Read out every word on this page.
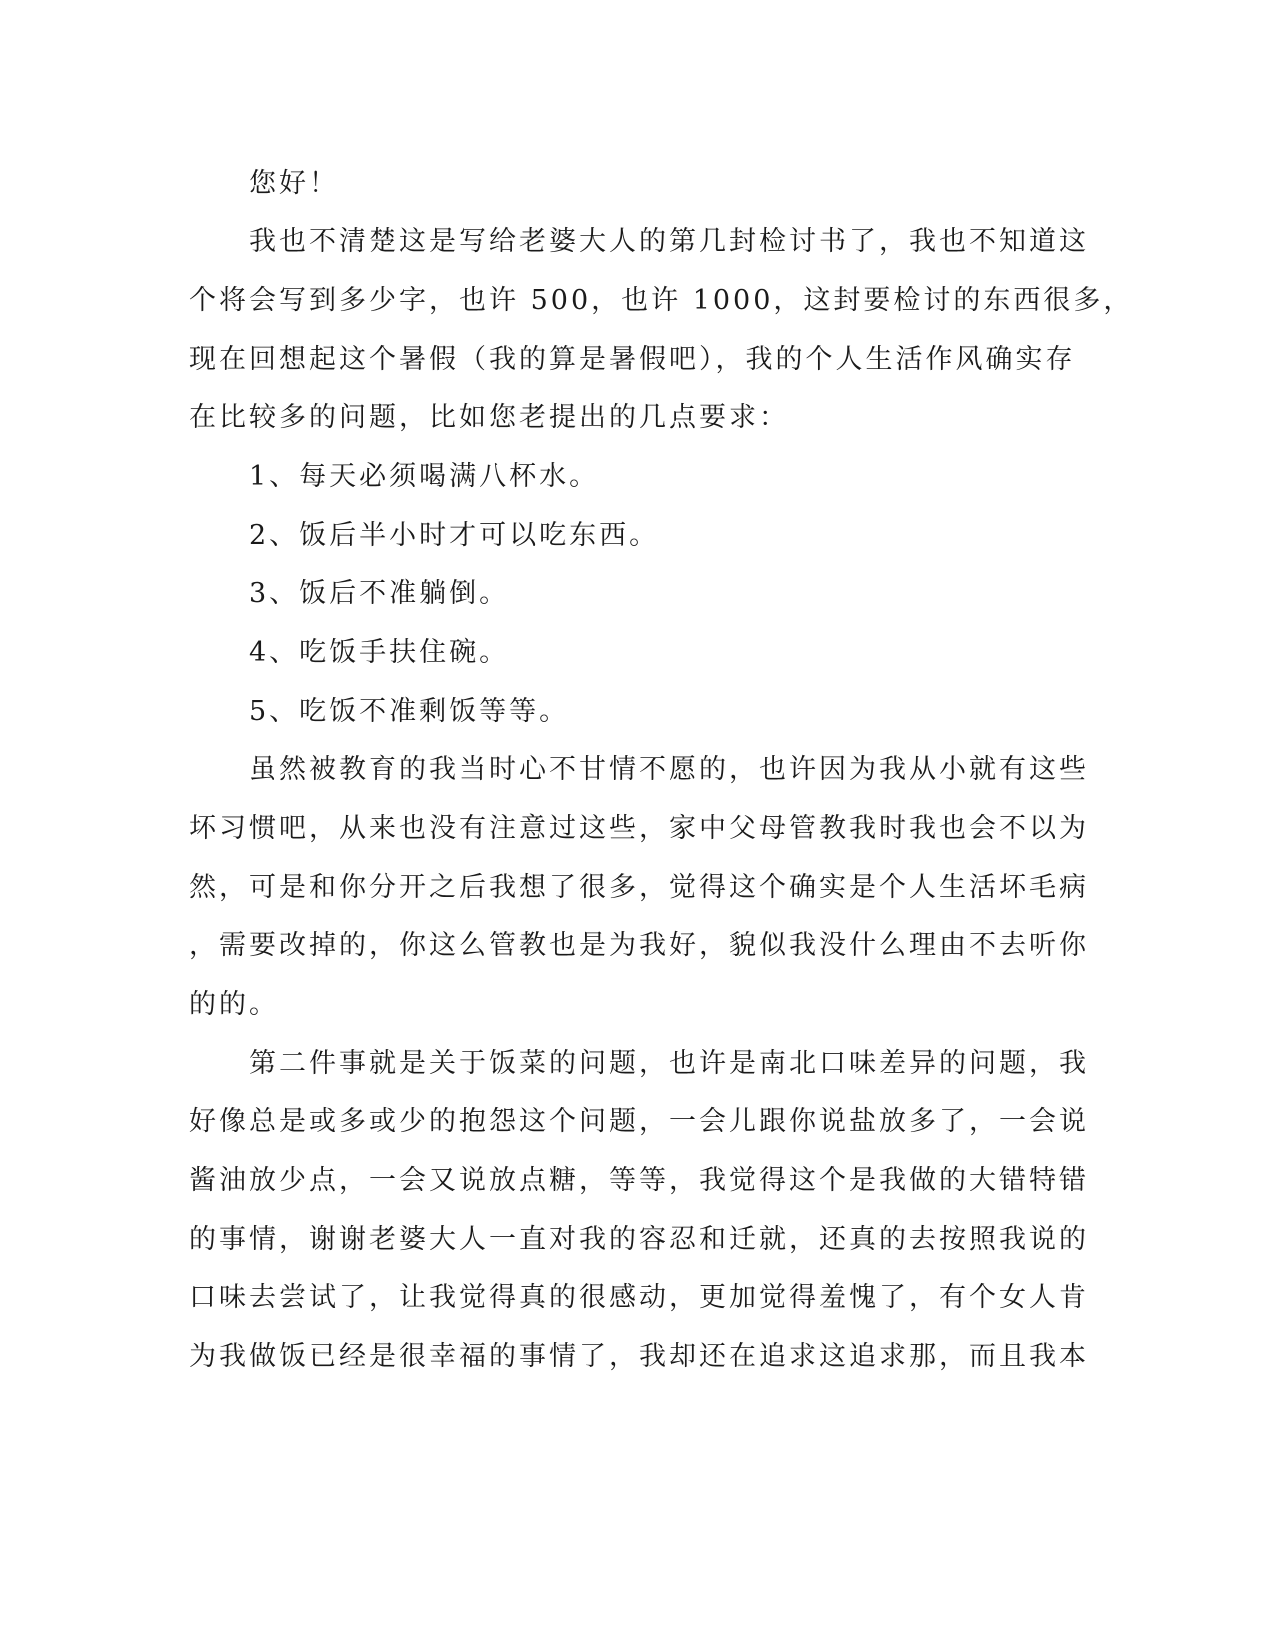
　　您好！
　　我也不清楚这是写给老婆大人的第几封检讨书了，我也不知道这
个将会写到多少字，也许 500，也许 1000，这封要检讨的东西很多，
现在回想起这个暑假（我的算是暑假吧），我的个人生活作风确实存
在比较多的问题，比如您老提出的几点要求：
　　1、每天必须喝满八杯水。
　　2、饭后半小时才可以吃东西。
　　3、饭后不准躺倒。
　　4、吃饭手扶住碗。
　　5、吃饭不准剩饭等等。
　　虽然被教育的我当时心不甘情不愿的，也许因为我从小就有这些
坏习惯吧，从来也没有注意过这些，家中父母管教我时我也会不以为
然，可是和你分开之后我想了很多，觉得这个确实是个人生活坏毛病
，需要改掉的，你这么管教也是为我好，貌似我没什么理由不去听你
的的。
　　第二件事就是关于饭菜的问题，也许是南北口味差异的问题，我
好像总是或多或少的抱怨这个问题，一会儿跟你说盐放多了，一会说
酱油放少点，一会又说放点糖，等等，我觉得这个是我做的大错特错
的事情，谢谢老婆大人一直对我的容忍和迁就，还真的去按照我说的
口味去尝试了，让我觉得真的很感动，更加觉得羞愧了，有个女人肯
为我做饭已经是很幸福的事情了，我却还在追求这追求那，而且我本
